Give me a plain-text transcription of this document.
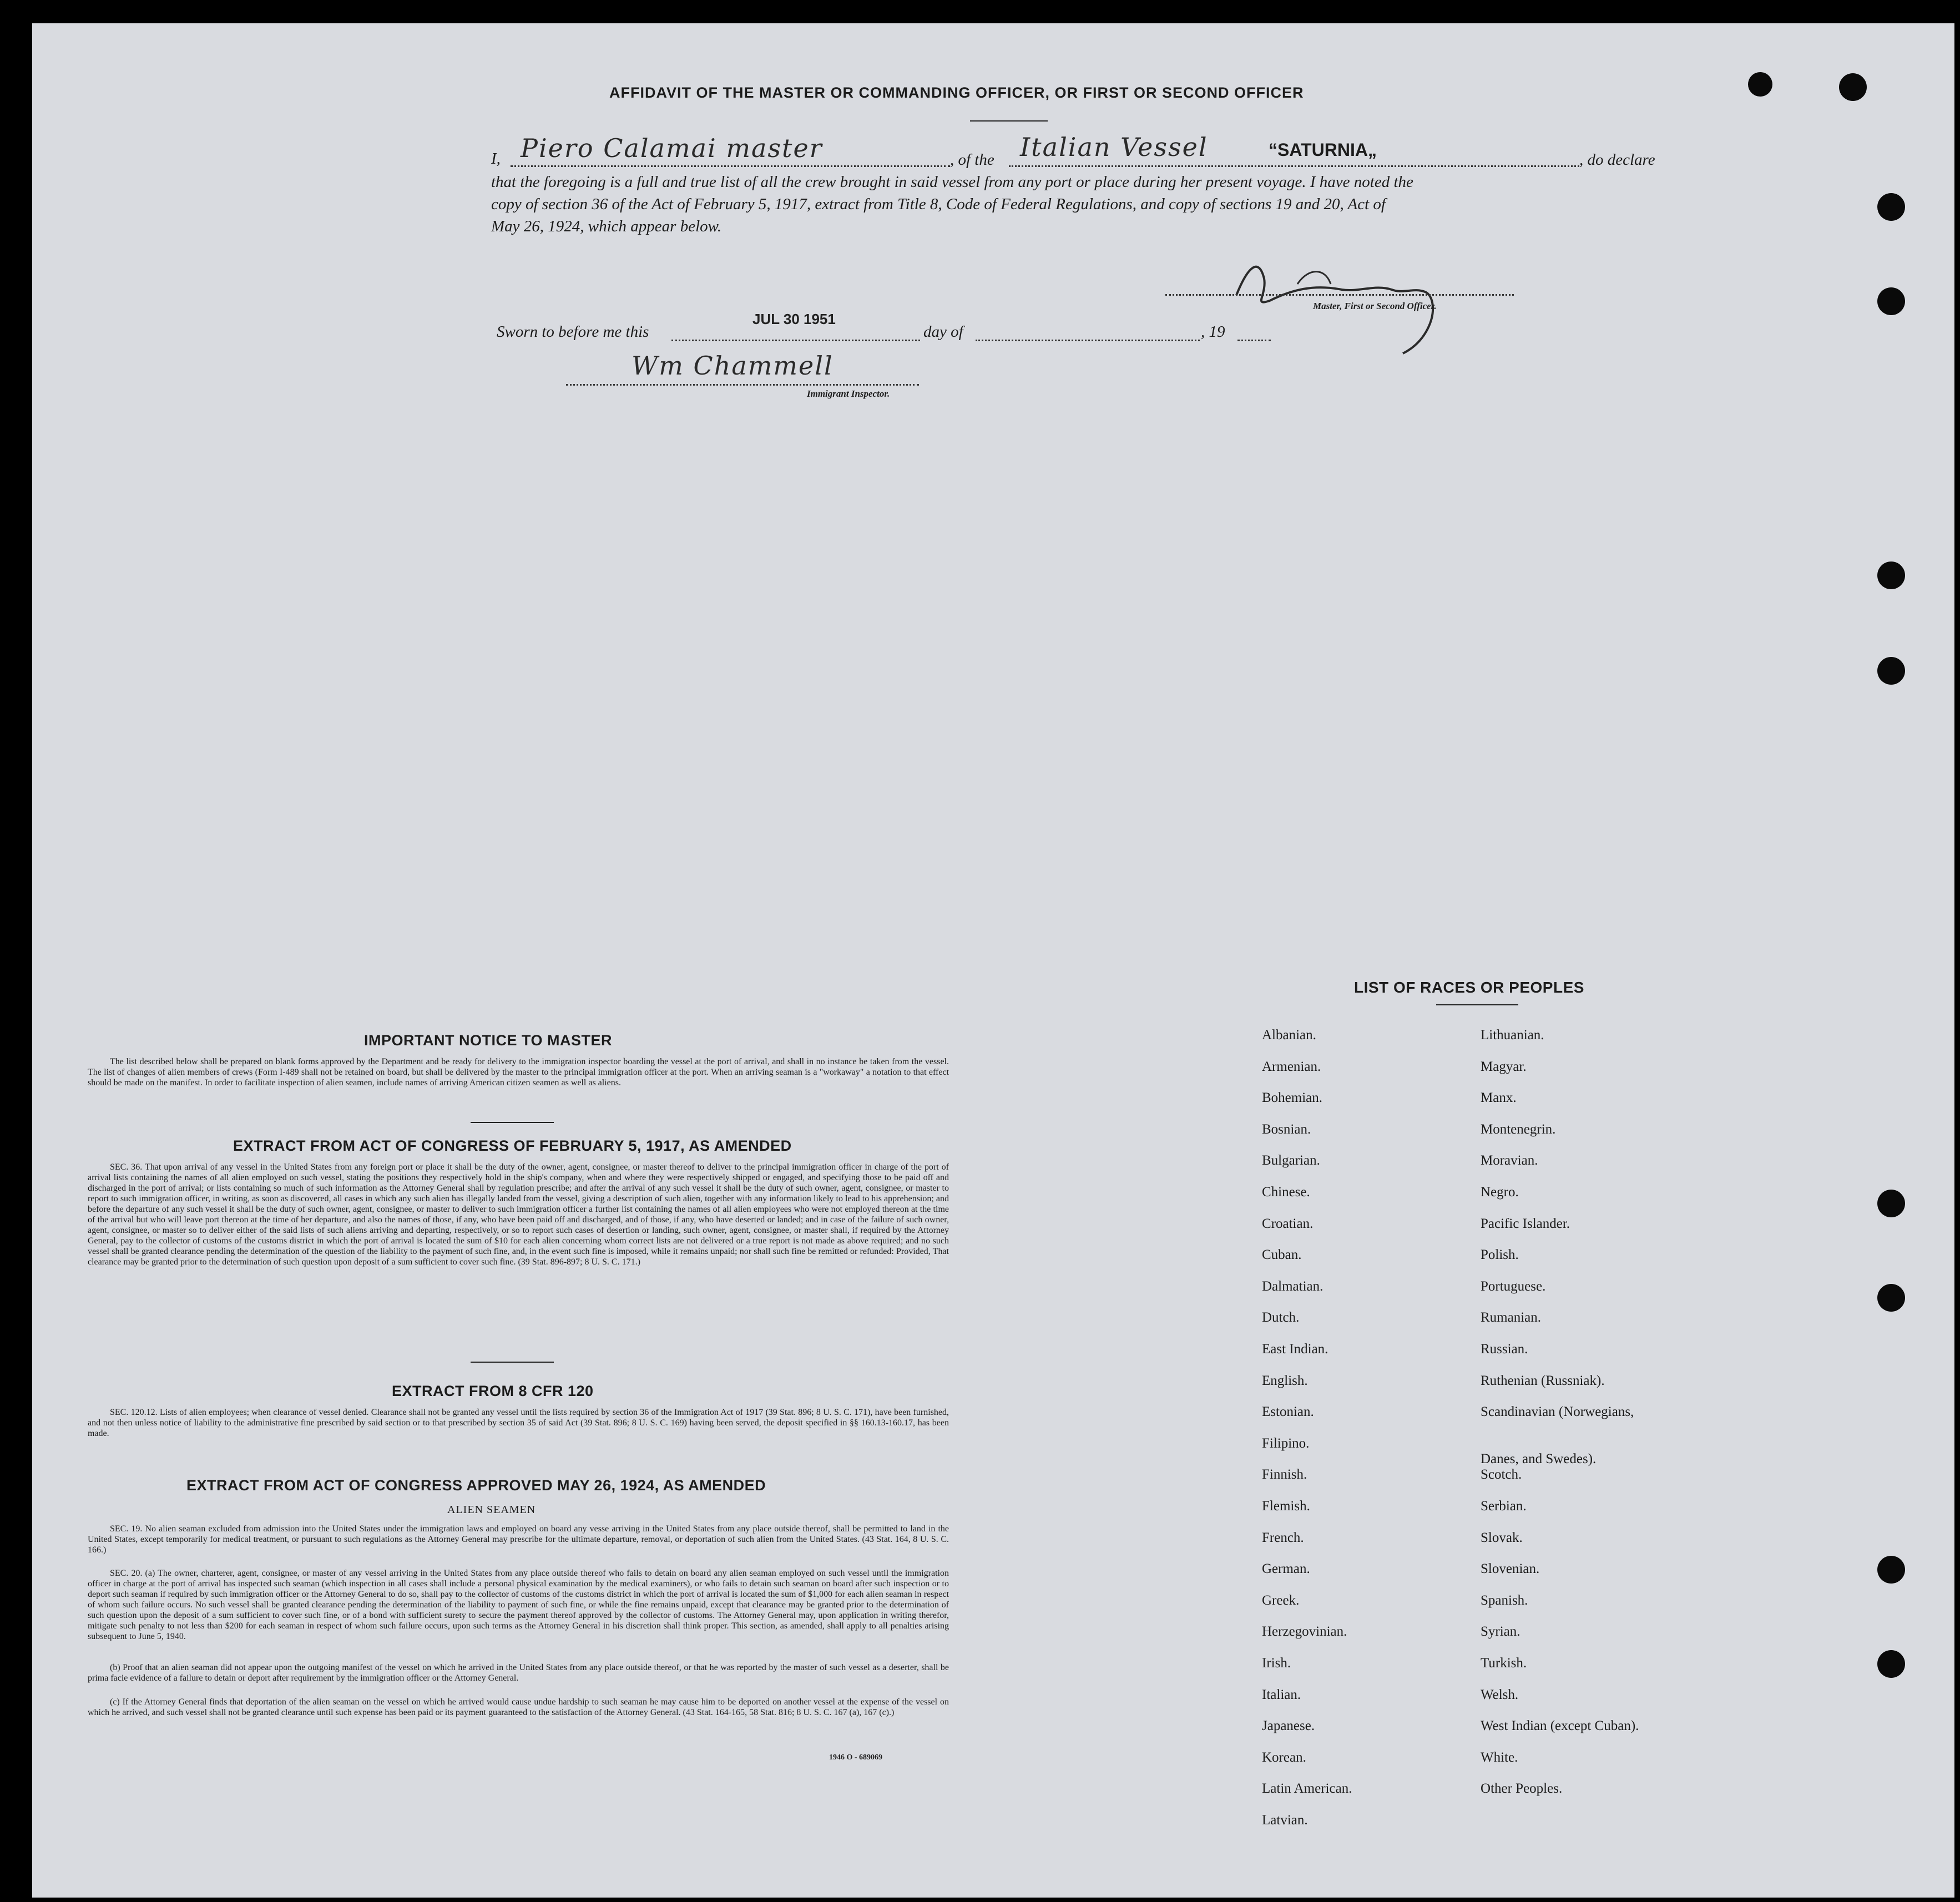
AFFIDAVIT OF THE MASTER OR COMMANDING OFFICER, OR FIRST OR SECOND OFFICER
I, Piero Calamai master	, of the Italian Vessel	“SATURNIA„	, do declare
that the foregoing is a full and true list of all the crew brought in said vessel from any port or place during her present voyage. I have noted the
copy of section 36 of the Act of February 5, 1917, extract from Title 8, Code of Federal Regulations, and copy of sections 19 and 20, Act of
May 26, 1924, which appear below.
Master, First or Second Officer.
Sworn to before me this
JUL 30 1951
day of	, 19
Wm Chammell
Immigrant Inspector.
IMPORTANT NOTICE TO MASTER
The list described below shall be prepared on blank forms approved by the Department and be ready for delivery to the immigration inspector boarding the vessel at the port of arrival, and shall in no instance be taken from the vessel. The list of changes of alien members of crews (Form I-489 shall not be retained on board, but shall be delivered by the master to the principal immigration officer at the port. When an arriving seaman is a "workaway" a notation to that effect should be made on the manifest. In order to facilitate inspection of alien seamen, include names of arriving American citizen seamen as well as aliens.
EXTRACT FROM ACT OF CONGRESS OF FEBRUARY 5, 1917, AS AMENDED
SEC. 36. That upon arrival of any vessel in the United States from any foreign port or place it shall be the duty of the owner, agent, consignee, or master thereof to deliver to the principal immigration officer in charge of the port of arrival lists containing the names of all alien employed on such vessel, stating the positions they respectively hold in the ship's company, when and where they were respectively shipped or engaged, and specifying those to be paid off and discharged in the port of arrival; or lists containing so much of such information as the Attorney General shall by regulation prescribe; and after the arrival of any such vessel it shall be the duty of such owner, agent, consignee, or master to report to such immigration officer, in writing, as soon as discovered, all cases in which any such alien has illegally landed from the vessel, giving a description of such alien, together with any information likely to lead to his apprehension; and before the departure of any such vessel it shall be the duty of such owner, agent, consignee, or master to deliver to such immigration officer a further list containing the names of all alien employees who were not employed thereon at the time of the arrival but who will leave port thereon at the time of her departure, and also the names of those, if any, who have been paid off and discharged, and of those, if any, who have deserted or landed; and in case of the failure of such owner, agent, consignee, or master so to deliver either of the said lists of such aliens arriving and departing, respectively, or so to report such cases of desertion or landing, such owner, agent, consignee, or master shall, if required by the Attorney General, pay to the collector of customs of the customs district in which the port of arrival is located the sum of $10 for each alien concerning whom correct lists are not delivered or a true report is not made as above required; and no such vessel shall be granted clearance pending the determination of the question of the liability to the payment of such fine, and, in the event such fine is imposed, while it remains unpaid; nor shall such fine be remitted or refunded: Provided, That clearance may be granted prior to the determination of such question upon deposit of a sum sufficient to cover such fine. (39 Stat. 896-897; 8 U. S. C. 171.)
EXTRACT FROM 8 CFR 120
SEC. 120.12. Lists of alien employees; when clearance of vessel denied. Clearance shall not be granted any vessel until the lists required by section 36 of the Immigration Act of 1917 (39 Stat. 896; 8 U. S. C. 171), have been furnished, and not then unless notice of liability to the administrative fine prescribed by said section or to that prescribed by section 35 of said Act (39 Stat. 896; 8 U. S. C. 169) having been served, the deposit specified in §§ 160.13-160.17, has been made.
EXTRACT FROM ACT OF CONGRESS APPROVED MAY 26, 1924, AS AMENDED
ALIEN SEAMEN
SEC. 19. No alien seaman excluded from admission into the United States under the immigration laws and employed on board any vesse arriving in the United States from any place outside thereof, shall be permitted to land in the United States, except temporarily for medical treatment, or pursuant to such regulations as the Attorney General may prescribe for the ultimate departure, removal, or deportation of such alien from the United States. (43 Stat. 164, 8 U. S. C. 166.)
SEC. 20. (a) The owner, charterer, agent, consignee, or master of any vessel arriving in the United States from any place outside thereof who fails to detain on board any alien seaman employed on such vessel until the immigration officer in charge at the port of arrival has inspected such seaman (which inspection in all cases shall include a personal physical examination by the medical examiners), or who fails to detain such seaman on board after such inspection or to deport such seaman if required by such immigration officer or the Attorney General to do so, shall pay to the collector of customs of the customs district in which the port of arrival is located the sum of $1,000 for each alien seaman in respect of whom such failure occurs. No such vessel shall be granted clearance pending the determination of the liability to payment of such fine, or while the fine remains unpaid, except that clearance may be granted prior to the determination of such question upon the deposit of a sum sufficient to cover such fine, or of a bond with sufficient surety to secure the payment thereof approved by the collector of customs. The Attorney General may, upon application in writing therefor, mitigate such penalty to not less than $200 for each seaman in respect of whom such failure occurs, upon such terms as the Attorney General in his discretion shall think proper. This section, as amended, shall apply to all penalties arising subsequent to June 5, 1940.
(b) Proof that an alien seaman did not appear upon the outgoing manifest of the vessel on which he arrived in the United States from any place outside thereof, or that he was reported by the master of such vessel as a deserter, shall be prima facie evidence of a failure to detain or deport after requirement by the immigration officer or the Attorney General.
(c) If the Attorney General finds that deportation of the alien seaman on the vessel on which he arrived would cause undue hardship to such seaman he may cause him to be deported on another vessel at the expense of the vessel on which he arrived, and such vessel shall not be granted clearance until such expense has been paid or its payment guaranteed to the satisfaction of the Attorney General. (43 Stat. 164-165, 58 Stat. 816; 8 U. S. C. 167 (a), 167 (c).)
1946 O - 689069
LIST OF RACES OR PEOPLES
Albanian.
Armenian.
Bohemian.
Bosnian.
Bulgarian.
Chinese.
Croatian.
Cuban.
Dalmatian.
Dutch.
East Indian.
English.
Estonian.
Filipino.
Finnish.
Flemish.
French.
German.
Greek.
Herzegovinian.
Irish.
Italian.
Japanese.
Korean.
Latin American.
Latvian.
Lithuanian.
Magyar.
Manx.
Montenegrin.
Moravian.
Negro.
Pacific Islander.
Polish.
Portuguese.
Rumanian.
Russian.
Ruthenian (Russniak).
Scandinavian (Norwegians,
Danes, and Swedes).
Scotch.
Serbian.
Slovak.
Slovenian.
Spanish.
Syrian.
Turkish.
Welsh.
West Indian (except Cuban).
White.
Other Peoples.
